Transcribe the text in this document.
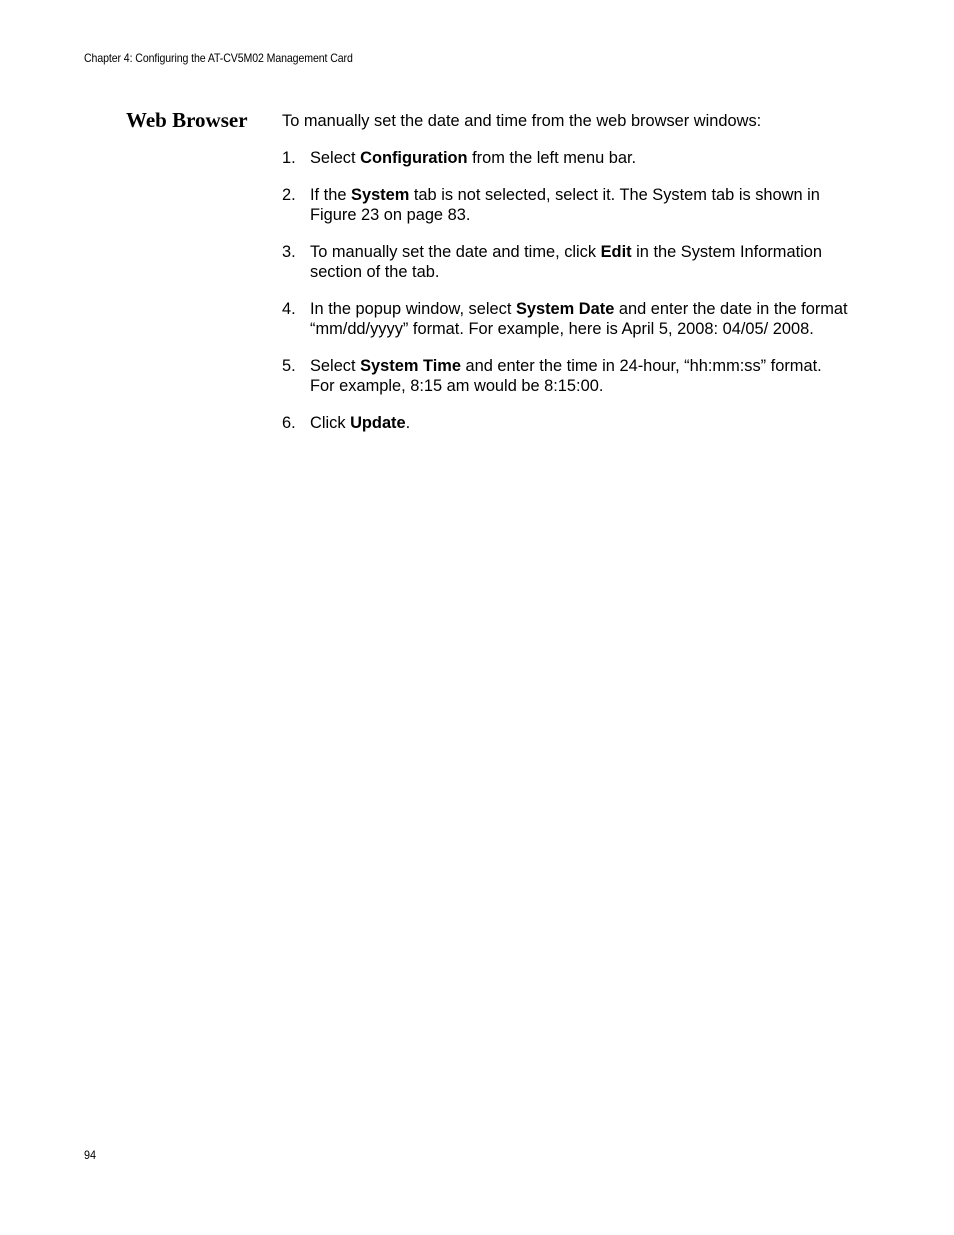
Chapter 4: Configuring the AT-CV5M02 Management Card
Web Browser To manually set the date and time from the web browser windows:

1. Select Configuration from the left menu bar.
2. If the System tab is not selected, select it. The System tab is shown in Figure 23 on page 83.
3. To manually set the date and time, click Edit in the System Information section of the tab.
4. In the popup window, select System Date and enter the date in the format “mm/dd/yyyy” format. For example, here is April 5, 2008: 04/05/ 2008.
5. Select System Time and enter the time in 24-hour, “hh:mm:ss” format. For example, 8:15 am would be 8:15:00.
6. Click Update.
94
